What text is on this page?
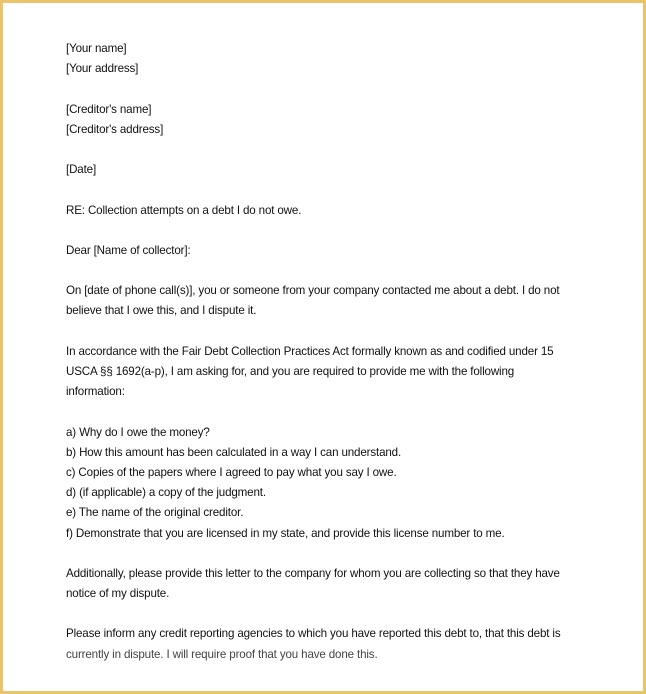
[Your name]
[Your address]
[Creditor's name]
[Creditor's address]
[Date]
RE: Collection attempts on a debt I do not owe.
Dear [Name of collector]:
On [date of phone call(s)], you or someone from your company contacted me about a debt. I do not
believe that I owe this, and I dispute it.
In accordance with the Fair Debt Collection Practices Act formally known as and codified under 15
USCA §§ 1692(a-p), I am asking for, and you are required to provide me with the following
information:
a) Why do I owe the money?
b) How this amount has been calculated in a way I can understand.
c) Copies of the papers where I agreed to pay what you say I owe.
d) (if applicable) a copy of the judgment.
e) The name of the original creditor.
f) Demonstrate that you are licensed in my state, and provide this license number to me.
Additionally, please provide this letter to the company for whom you are collecting so that they have
notice of my dispute.
Please inform any credit reporting agencies to which you have reported this debt to, that this debt is
currently in dispute. I will require proof that you have done this.
